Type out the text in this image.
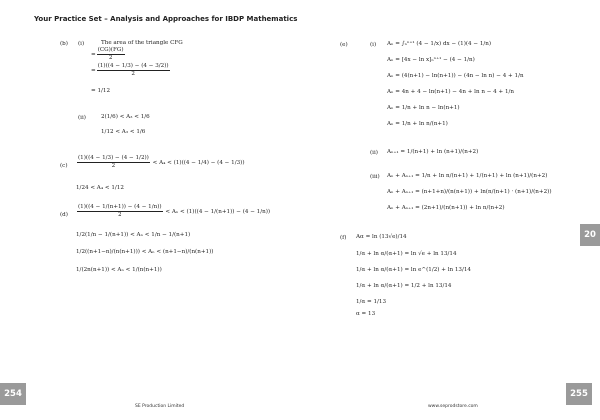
Your Practice Set – Analysis and Approaches for IBDP Mathematics
(b) (i)	The area of the triangle CFG
= $\frac{(CG)(FG)}{2}$
= $\frac{(1)((4 - 1/3) - (4 - 3/2))}{2}$
= 1/12
(ii)	2(1/6) < A₃ < 1/6
1/12 < A₃ < 1/6
$(c) \frac{(1)((4 - 1/3) - (4 - 1/2))}{2} < A_4 < (1)((4 - 1/4) - (4 - 1/3))$
1/24 < A₄ < 1/12
$(d) \frac{(1)((4 - 1/(n+1)) - (4 - 1/n))}{2} < A_n < (1)((4 - 1/(n+1)) - (4 - 1/n))$
1/2(1/n − 1/(n+1)) < Aₙ < 1/n − 1/(n+1)
1/2((n+1−n)/(n(n+1))) < Aₙ < (n+1−n)/(n(n+1))
1/(2n(n+1)) < Aₙ < 1/(n(n+1))
254
SE Production Limited
(e)	(i) Aₙ = ∫ₙⁿ⁺¹ (4 − 1/x) dx − (1)(4 − 1/n)
Aₙ = [4x − ln x]ₙⁿ⁺¹ − (4 − 1/n)
Aₙ = (4(n+1) − ln(n+1)) − (4n − ln n) − 4 + 1/n
Aₙ = 4n + 4 − ln(n+1) − 4n + ln n − 4 + 1/n
Aₙ = 1/n + ln n − ln(n+1)
Aₙ = 1/n + ln n/(n+1)
(ii) Aₙ₊₁ = 1/(n+1) + ln (n+1)/(n+2)
(iii) Aₙ + Aₙ₊₁ = 1/n + ln n/(n+1) + 1/(n+1) + ln (n+1)/(n+2)
Aₙ + Aₙ₊₁ = (n+1+n)/(n(n+1)) + ln(n/(n+1) · (n+1)/(n+2))
Aₙ + Aₙ₊₁ = (2n+1)/(n(n+1)) + ln n/(n+2)
(f) Aα = ln (13√e)/14
1/α + ln α/(α+1) = ln √e + ln 13/14
1/α + ln α/(α+1) = ln e^(1/2) + ln 13/14
1/α + ln α/(α+1) = 1/2 + ln 13/14
1/α = 1/13
α = 13
20
255
www.seprodstore.com
